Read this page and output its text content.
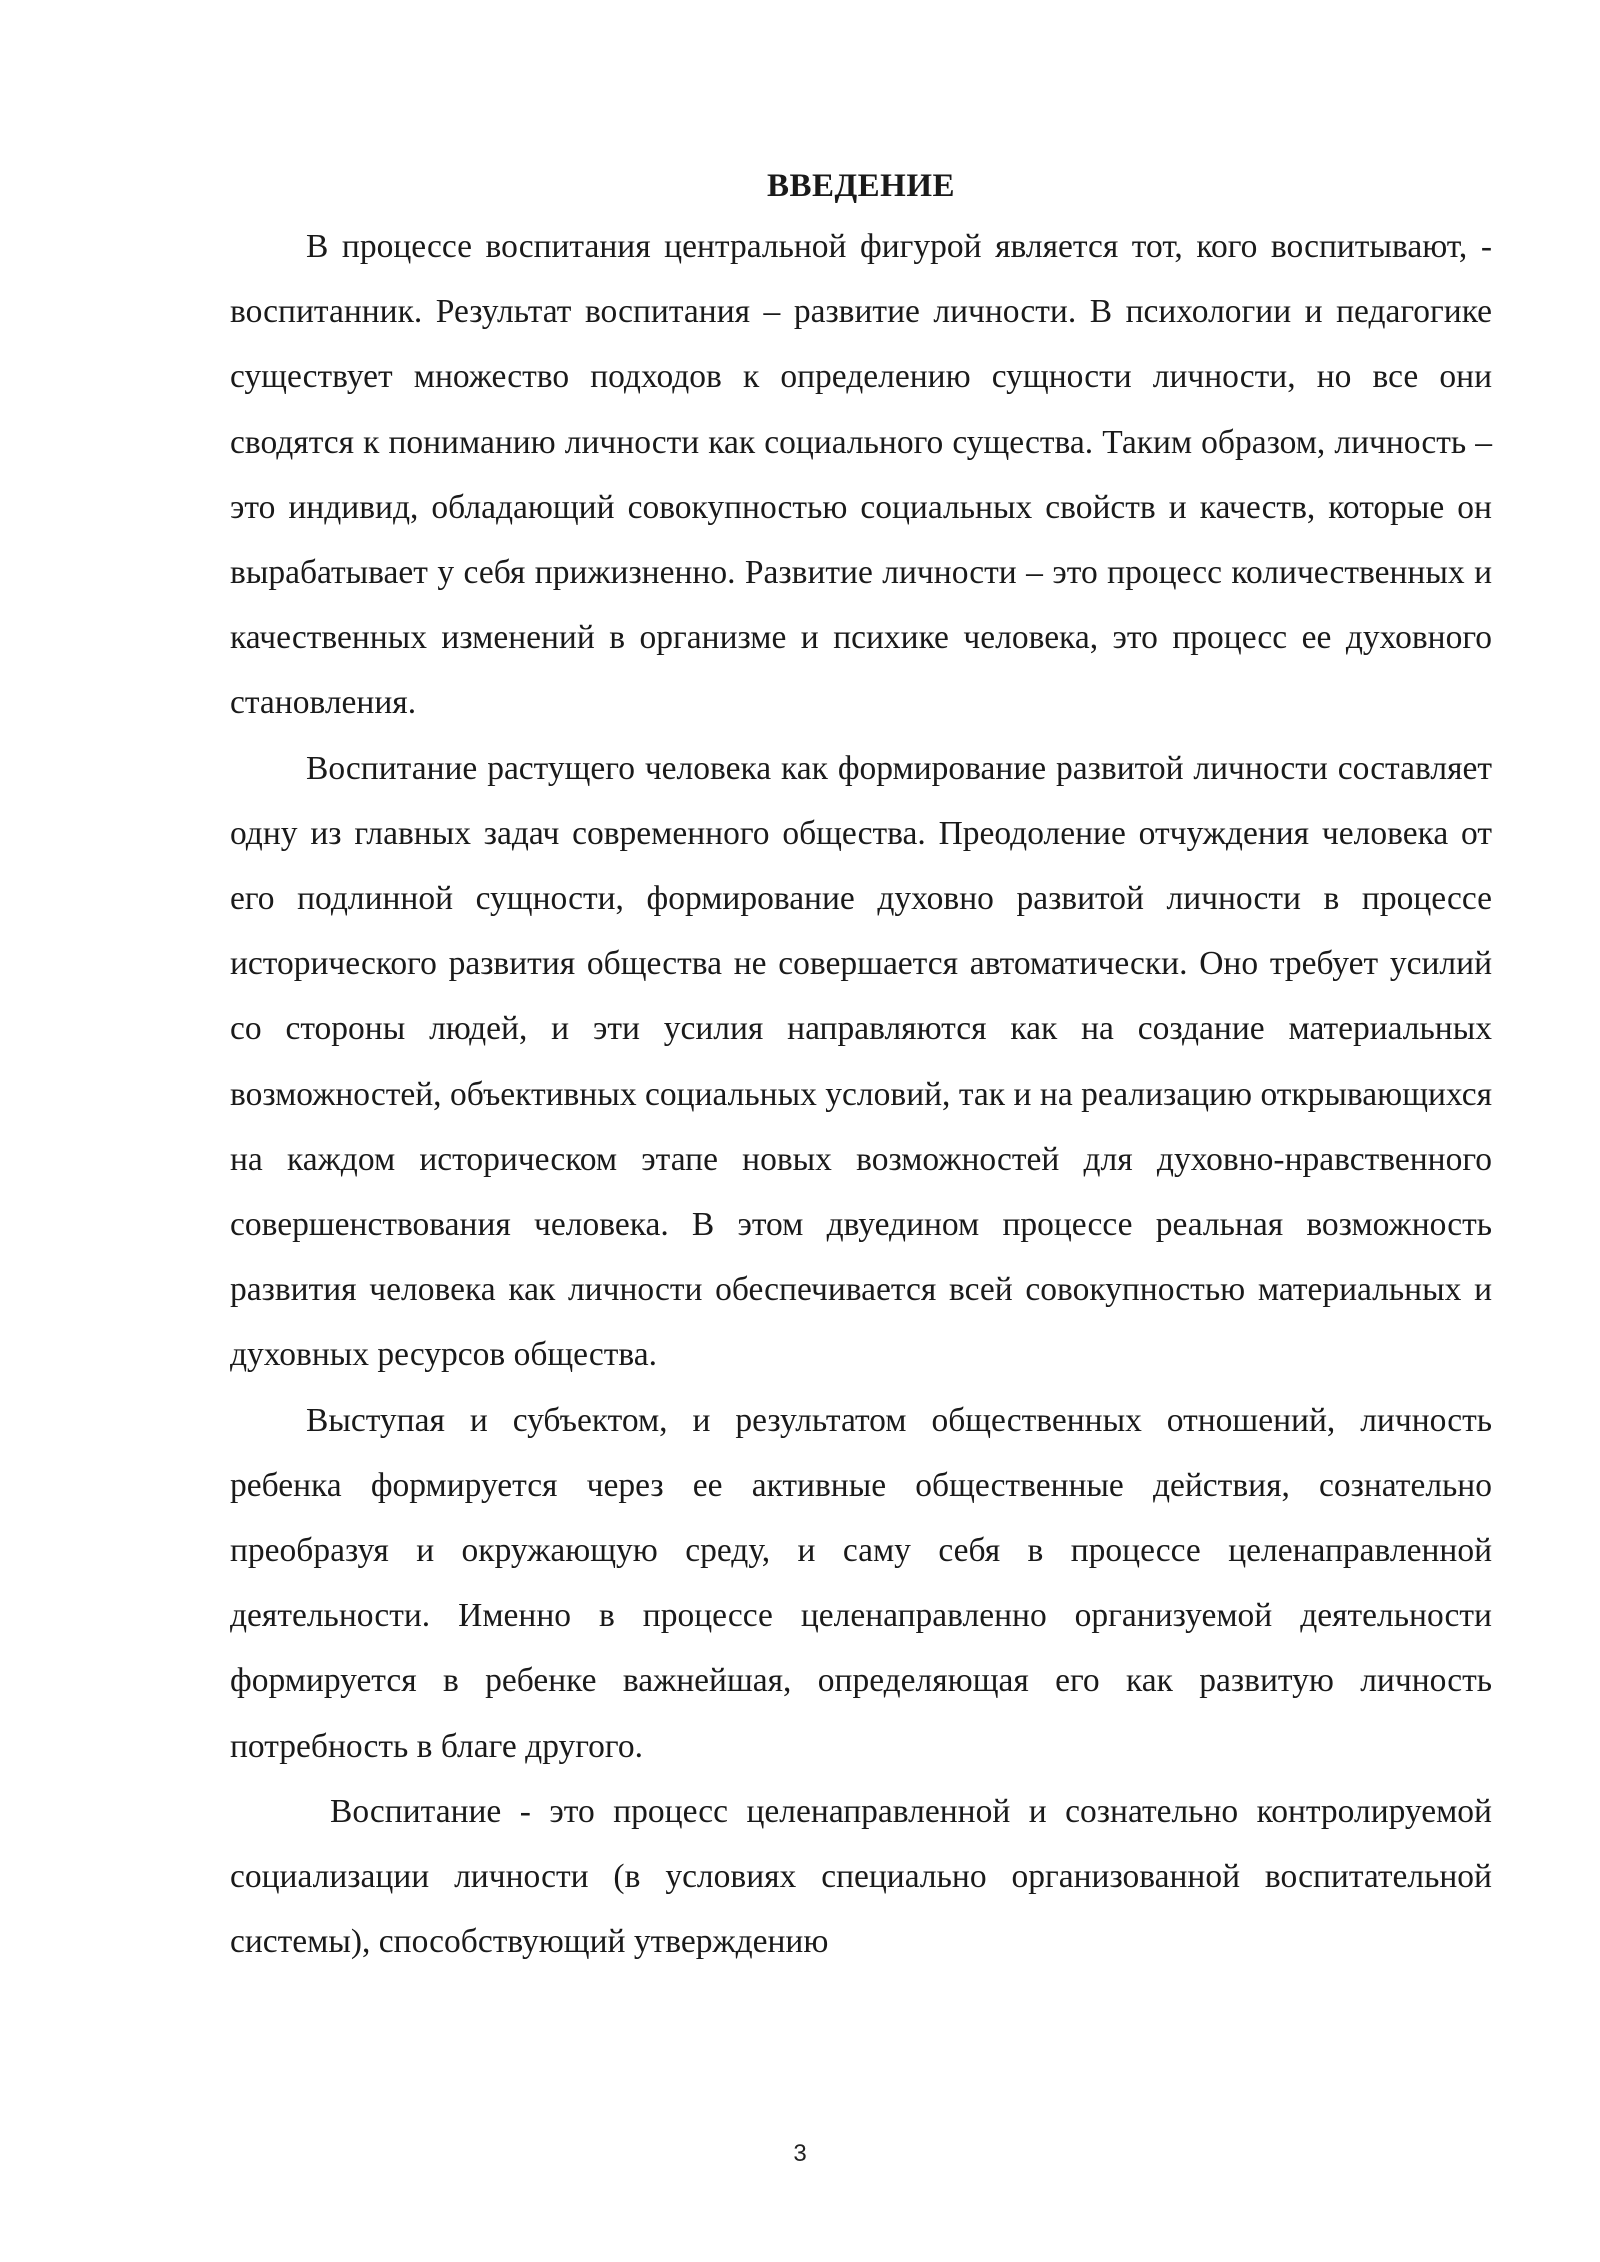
ВВЕДЕНИЕ

В процессе воспитания центральной фигурой является тот, кого воспитывают, - воспитанник. Результат воспитания – развитие личности. В психологии и педагогике существует множество подходов к определению сущности личности, но все они сводятся к пониманию личности как социального существа. Таким образом, личность – это индивид, обладающий совокупностью социальных свойств и качеств, которые он вырабатывает у себя прижизненно. Развитие личности – это процесс количественных и качественных изменений в организме и психике человека, это процесс ее духовного становления.

Воспитание растущего человека как формирование развитой личности составляет одну из главных задач современного общества. Преодоление отчуждения человека от его подлинной сущности, формирование духовно развитой личности в процессе исторического развития общества не совершается автоматически. Оно требует усилий со стороны людей, и эти усилия направляются как на создание материальных возможностей, объективных социальных условий, так и на реализацию открывающихся на каждом историческом этапе новых возможностей для духовно-нравственного совершенствования человека. В этом двуедином процессе реальная возможность развития человека как личности обеспечивается всей совокупностью материальных и духовных ресурсов общества.

Выступая и субъектом, и результатом общественных отношений, личность ребенка формируется через ее активные общественные действия, сознательно преобразуя и окружающую среду, и саму себя в процессе целенаправленной деятельности. Именно в процессе целенаправленно организуемой деятельности формируется в ребенке важнейшая, определяющая его как развитую личность потребность в благе другого.

Воспитание - это процесс целенаправленной и сознательно контролируемой социализации личности (в условиях специально организованной воспитательной системы), способствующий утверждению

3
